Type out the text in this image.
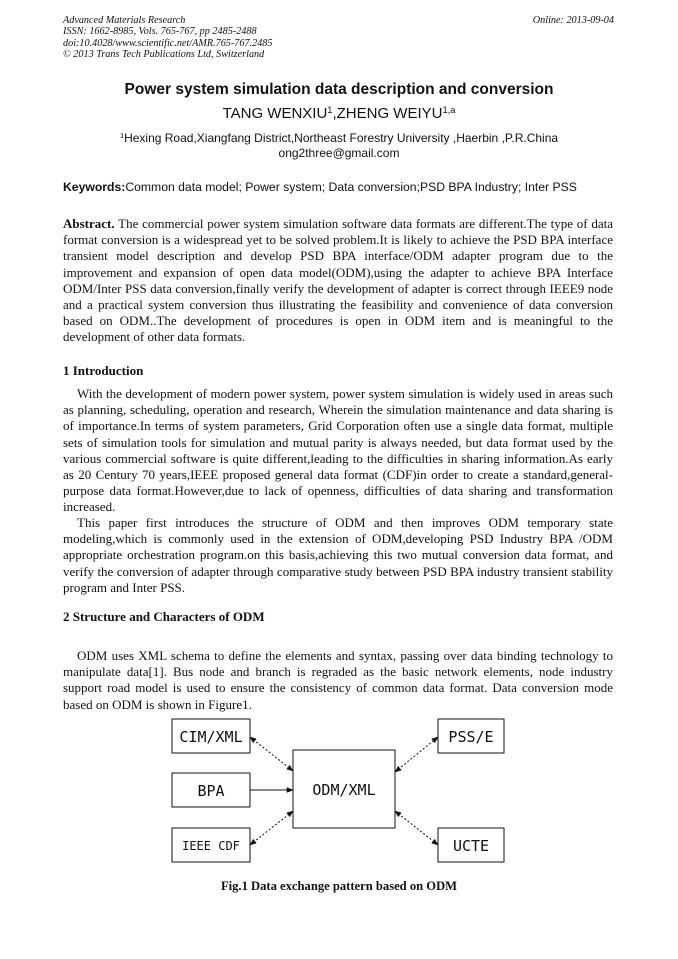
Advanced Materials Research
ISSN: 1662-8985, Vols. 765-767, pp 2485-2488
doi:10.4028/www.scientific.net/AMR.765-767.2485
© 2013 Trans Tech Publications Ltd, Switzerland
Online: 2013-09-04
Power system simulation data description and conversion
TANG WENXIU$^1$,ZHENG WEIYU$^{1,a}$
$^1$Hexing Road,Xiangfang District,Northeast Forestry University ,Haerbin ,P.R.China
ong2three@gmail.com
Keywords:Common data model; Power system; Data conversion;PSD BPA Industry; Inter PSS

Abstract. The commercial power system simulation software data formats are different.The type of data format conversion is a widespread yet to be solved problem.It is likely to achieve the PSD BPA interface transient model description and develop PSD BPA interface/ODM adapter program due to the improvement and expansion of open data model(ODM),using the adapter to achieve BPA Interface ODM/Inter PSS data conversion,finally verify the development of adapter is correct through IEEE9 node and a practical system conversion thus illustrating the feasibility and convenience of data conversion based on ODM..The development of procedures is open in ODM item and is meaningful to the development of other data formats.

1 Introduction

With the development of modern power system, power system simulation is widely used in areas such as planning, scheduling, operation and research, Wherein the simulation maintenance and data sharing is of importance.In terms of system parameters, Grid Corporation often use a single data format, multiple sets of simulation tools for simulation and mutual parity is always needed, but data format used by the various commercial software is quite different,leading to the difficulties in sharing information.As early as 20 Century 70 years,IEEE proposed general data format (CDF)in order to create a standard,general-purpose data format.However,due to lack of openness, difficulties of data sharing and transformation increased.

This paper first introduces the structure of ODM and then improves ODM temporary state modeling,which is commonly used in the extension of ODM,developing PSD Industry BPA /ODM appropriate orchestration program.on this basis,achieving this two mutual conversion data format, and verify the conversion of adapter through comparative study between PSD BPA industry transient stability program and Inter PSS.

2 Structure and Characters of ODM

ODM uses XML schema to define the elements and syntax, passing over data binding technology to manipulate data[1]. Bus node and branch is regraded as the basic network elements, node industry support road model is used to ensure the consistency of common data format. Data conversion mode based on ODM is shown in Figure1.

CIM/XML
BPA
IEEE CDF
ODM/XML
PSS/E
UCTE
Fig.1 Data exchange pattern based on ODM
